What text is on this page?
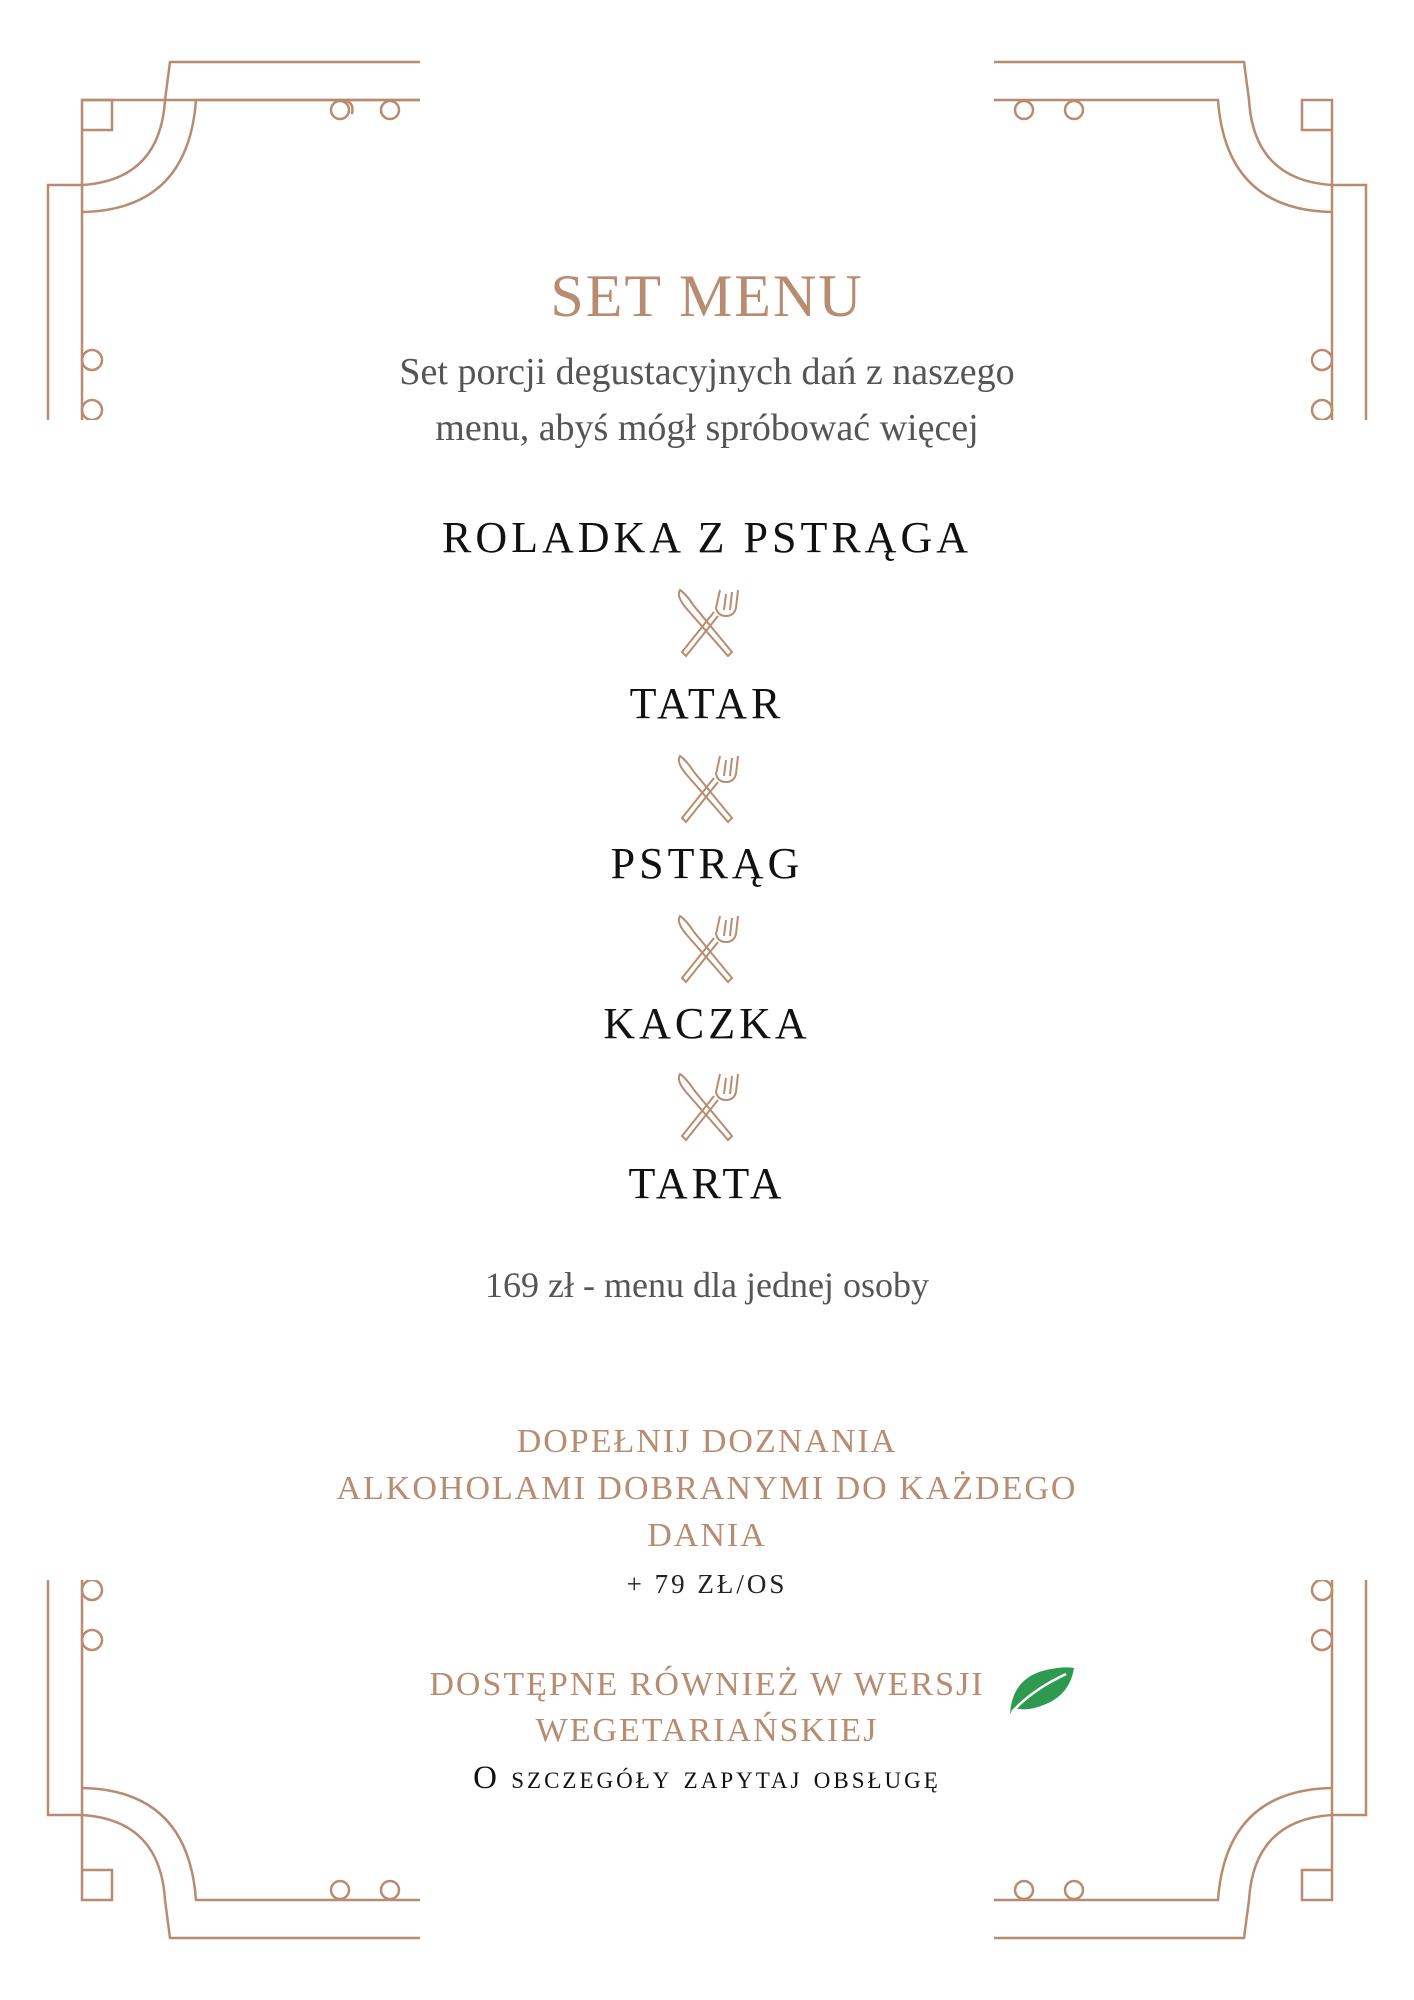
SET MENU
Set porcji degustacyjnych dań z naszego
menu, abyś mógł spróbować więcej
ROLADKA Z PSTRĄGA
TATAR
PSTRĄG
KACZKA
TARTA
169 zł - menu dla jednej osoby
DOPEŁNIJ DOZNANIA
ALKOHOLAMI DOBRANYMI DO KAŻDEGO
DANIA
+ 79 ZŁ/OS
DOSTĘPNE RÓWNIEŻ W WERSJI
WEGETARIAŃSKIEJ
O szczegóły zapytaj obsługę
